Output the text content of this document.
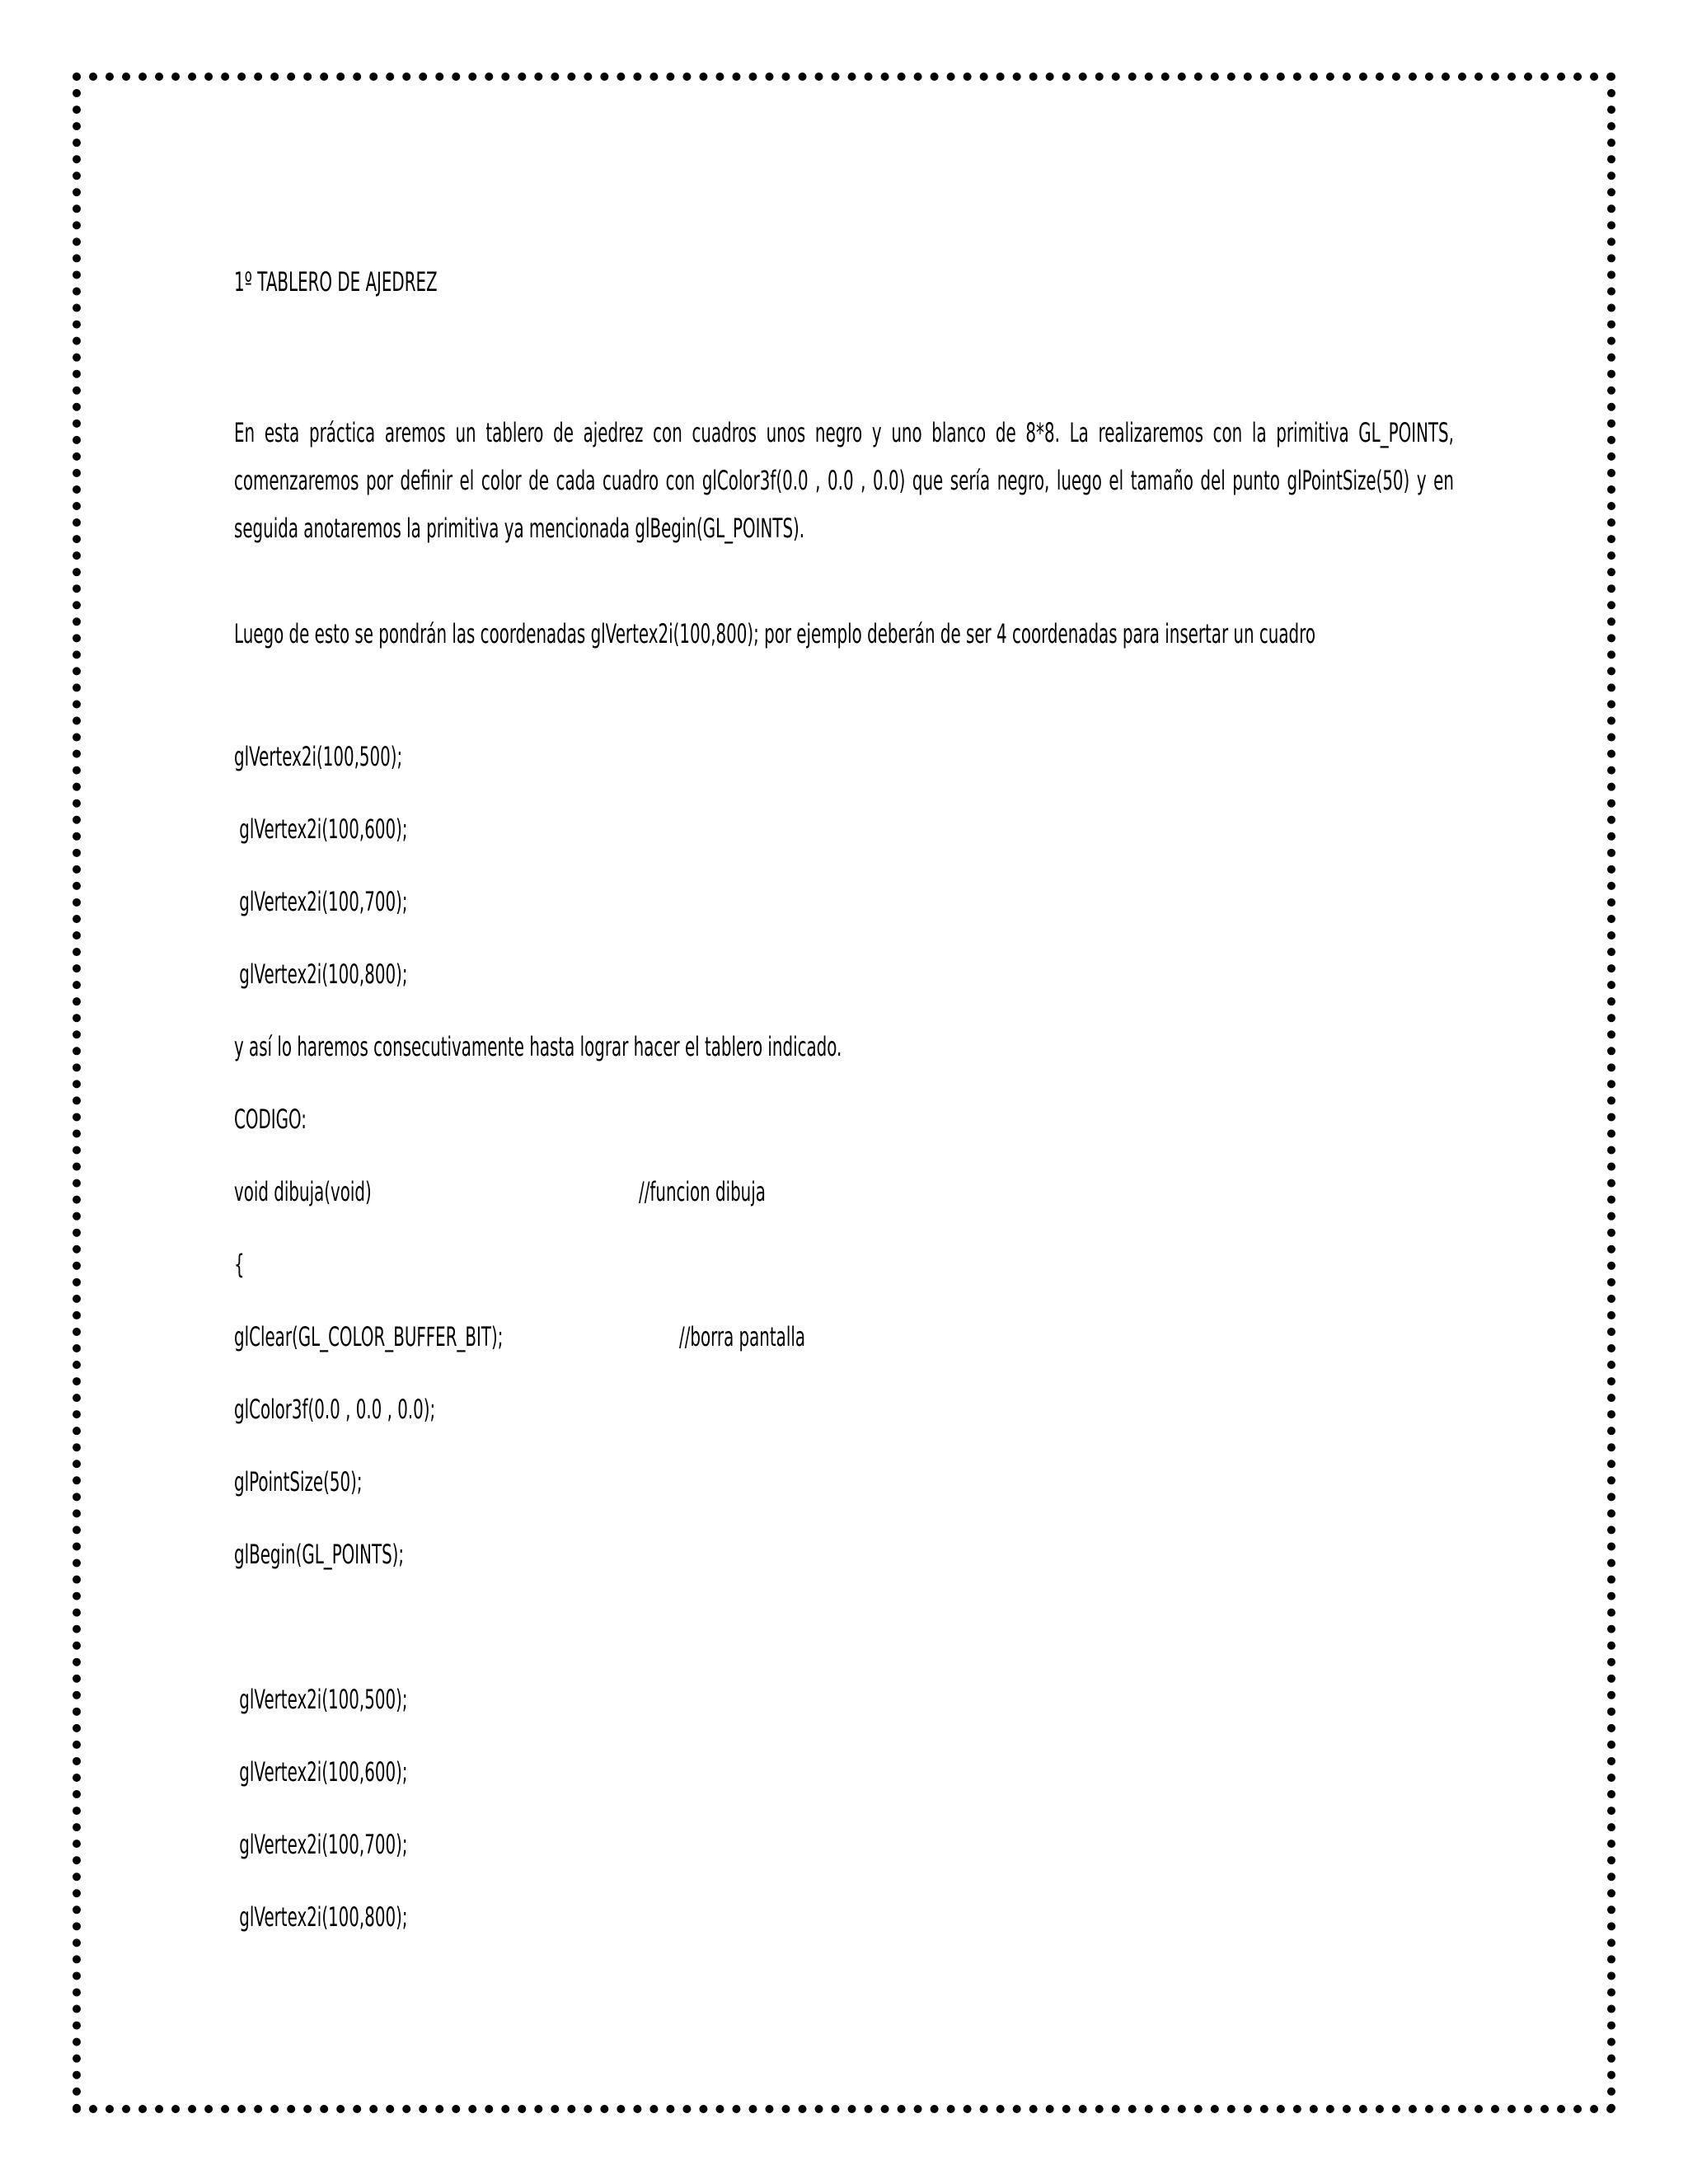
1º TABLERO DE AJEDREZ
En esta práctica aremos un tablero de ajedrez con cuadros unos negro y uno blanco de 8*8. La realizaremos con la primitiva GL_POINTS, comenzaremos por definir el color de cada cuadro con glColor3f(0.0 , 0.0 , 0.0) que sería negro, luego el tamaño del punto glPointSize(50) y en seguida anotaremos la primitiva ya mencionada glBegin(GL_POINTS).
Luego de esto se pondrán las coordenadas glVertex2i(100,800); por ejemplo deberán de ser 4 coordenadas para insertar un cuadro
glVertex2i(100,500);
glVertex2i(100,600);
glVertex2i(100,700);
glVertex2i(100,800);
y así lo haremos consecutivamente hasta lograr hacer el tablero indicado.
CODIGO:
void dibuja(void)	//funcion dibuja
{
glClear(GL_COLOR_BUFFER_BIT);	//borra pantalla
glColor3f(0.0 , 0.0 , 0.0);
glPointSize(50);
glBegin(GL_POINTS);
glVertex2i(100,500);
glVertex2i(100,600);
glVertex2i(100,700);
glVertex2i(100,800);
